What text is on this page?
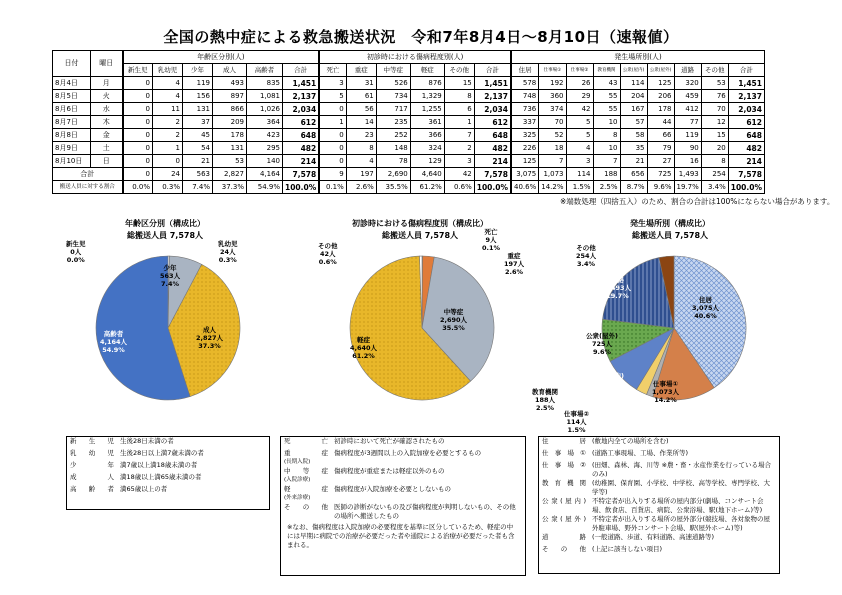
全国の熱中症による救急搬送状況　令和7年8月4日～8月10日（速報値）
日付	曜日	年齢区分別(人)						初診時における傷病程度別(人)						発生場所別(人)								
		新生児	乳幼児	少年	成人	高齢者	合計	死亡	重症	中等症	軽症	その他	合計	住居	仕事場①	仕事場②	教育機関	公衆(屋内)	公衆(屋外)	道路	その他	合計
8月4日	月	0	4	119	493	835	1,451	3	31	526	876	15	1,451	578	192	26	43	114	125	320	53	1,451
8月5日	火	0	4	156	897	1,081	2,137	5	61	734	1,329	8	2,137	748	360	29	55	204	206	459	76	2,137
8月6日	水	0	11	131	866	1,026	2,034	0	56	717	1,255	6	2,034	736	374	42	55	167	178	412	70	2,034
8月7日	木	0	2	37	209	364	612	1	14	235	361	1	612	337	70	5	10	57	44	77	12	612
8月8日	金	0	2	45	178	423	648	0	23	252	366	7	648	325	52	5	8	58	66	119	15	648
8月9日	土	0	1	54	131	295	482	0	8	148	324	2	482	226	18	4	10	35	79	90	20	482
8月10日	日	0	0	21	53	140	214	0	4	78	129	3	214	125	7	3	7	21	27	16	8	214
合計		0	24	563	2,827	4,164	7,578	9	197	2,690	4,640	42	7,578	3,075	1,073	114	188	656	725	1,493	254	7,578
搬送人員に対する割合		0.0%	0.3%	7.4%	37.3%	54.9%	100.0%	0.1%	2.6%	35.5%	61.2%	0.6%	100.0%	40.6%	14.2%	1.5%	2.5%	8.7%	9.6%	19.7%	3.4%	100.0%
※端数処理（四捨五入）のため、割合の合計は100%にならない場合があります。
年齢区分別（構成比）
総搬送人員 7,578人
新生児
0人
0.0%
乳幼児
24人
0.3%
少年
563人
7.4%
成人
2,827人
37.3%
高齢者
4,164人
54.9%
初診時における傷病程度別（構成比）
総搬送人員 7,578人	死亡
9人
0.1%
重症
197人
2.6%
中等症
2,690人
35.5%
軽症
4,640人
61.2%
その他
42人
0.6%
発生場所別（構成比）
総搬送人員 7,578人
住居
3,075人
40.6%
仕事場①
1,073人
14.2%
仕事場②
114人
1.5%
教育機関
188人
2.5%
公衆(屋内)
656人
8.7%
公衆(屋外)
725人
9.6%
道路
1,493人
19.7%
その他
254人
3.4%
新生児	生後28日未満の者

乳幼児	生後28日以上満7歳未満の者

少年	満7歳以上満18歳未満の者

成人	満18歳以上満65歳未満の者

高齢者	満65歳以上の者
死亡	初診時において死亡が確認されたもの

重症
(長期入院)	傷病程度が3週間以上の入院加療を必要とするもの

中等症
(入院診療)	傷病程度が重症または軽症以外のもの

軽症
(外来診療)	傷病程度が入院加療を必要としないもの

その他	医師の診断がないもの及び傷病程度が判明しないもの、その他の場所へ搬送したもの
※なお、傷病程度は入院加療の必要程度を基準に区分しているため、軽症の中には早期に病院での治療が必要だった者や通院による治療が必要だった者も含まれる。
住居	(敷地内全ての場所を含む)

仕事場①	(道路工事現場、工場、作業所等)

仕事場②	(田畑、森林、海、川等 ※農・畜・水産作業を行っている場合のみ)

教育機関	(幼稚園、保育園、小学校、中学校、高等学校、専門学校、大学等)

公衆(屋内)	不特定者が出入りする場所の屋内部分(劇場、コンサート会場、飲食店、百貨店、病院、公衆浴場、駅(地下ホーム)等)

公衆(屋外)	不特定者が出入りする場所の屋外部分(競技場、各対象物の屋外駐車場、野外コンサート会場、駅(屋外ホーム)等)

道路	(一般道路、歩道、有料道路、高速道路等)

その他	(上記に該当しない項目)
